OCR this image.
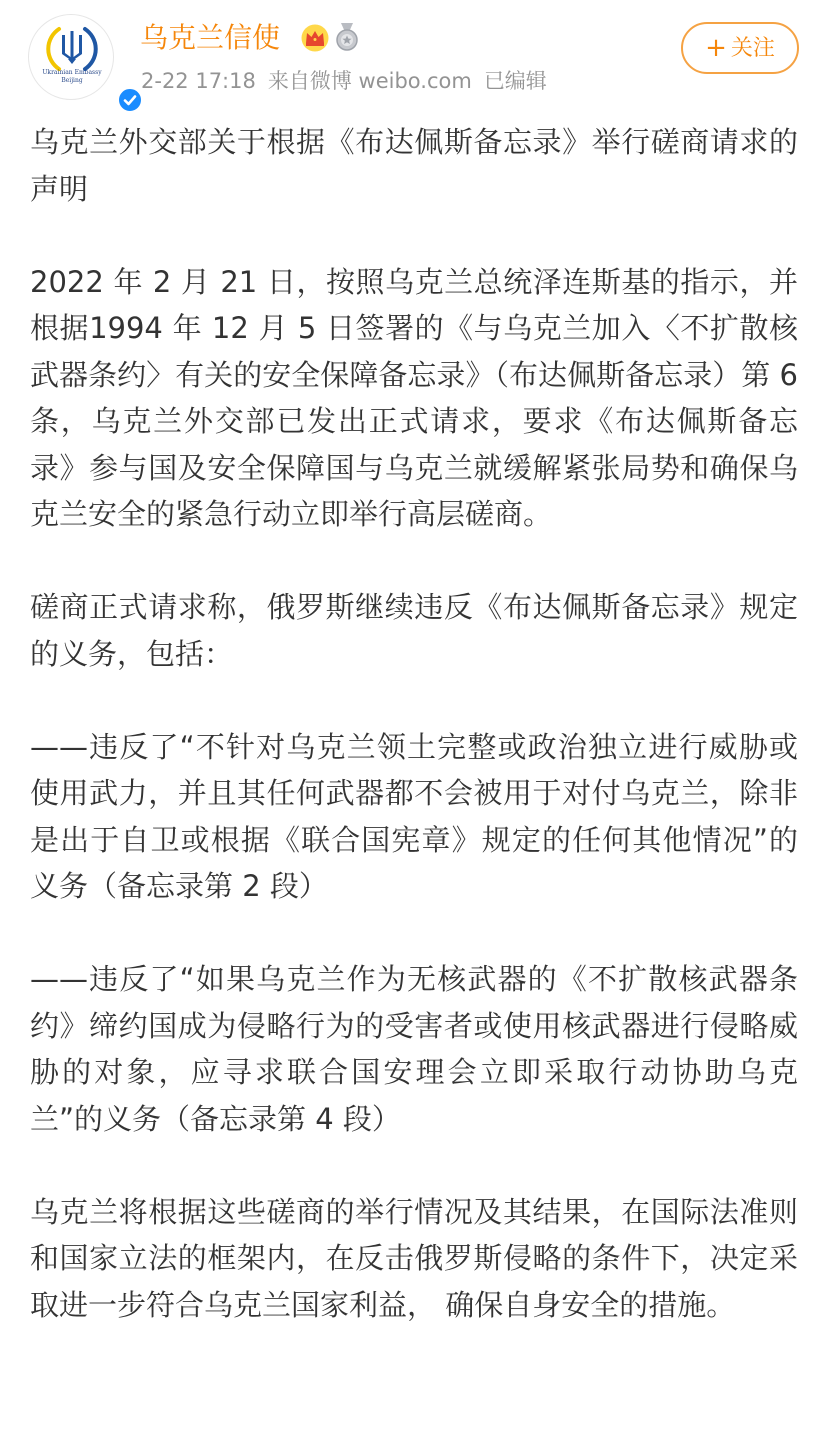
Ukrainian Embassy
Beijing
乌克兰信使
2-22 17:18 来自微博 weibo.com 已编辑
+ 关注

乌克兰外交部关于根据《布达佩斯备忘录》举行磋商请求的声明

2022 年 2 月 21 日，按照乌克兰总统泽连斯基的指示，并根据1994 年 12 月 5 日签署的《与乌克兰加入〈不扩散核武器条约〉有关的安全保障备忘录》（布达佩斯备忘录）第 6 条，乌克兰外交部已发出正式请求，要求《布达佩斯备忘录》参与国及安全保障国与乌克兰就缓解紧张局势和确保乌克兰安全的紧急行动立即举行高层磋商。

磋商正式请求称，俄罗斯继续违反《布达佩斯备忘录》规定的义务，包括：

——违反了“不针对乌克兰领土完整或政治独立进行威胁或使用武力，并且其任何武器都不会被用于对付乌克兰，除非是出于自卫或根据《联合国宪章》规定的任何其他情况”的义务（备忘录第 2 段）

——违反了“如果乌克兰作为无核武器的《不扩散核武器条约》缔约国成为侵略行为的受害者或使用核武器进行侵略威胁的对象，应寻求联合国安理会立即采取行动协助乌克兰”的义务（备忘录第 4 段）

乌克兰将根据这些磋商的举行情况及其结果，在国际法准则和国家立法的框架内，在反击俄罗斯侵略的条件下，决定采取进一步符合乌克兰国家利益， 确保自身安全的措施。
